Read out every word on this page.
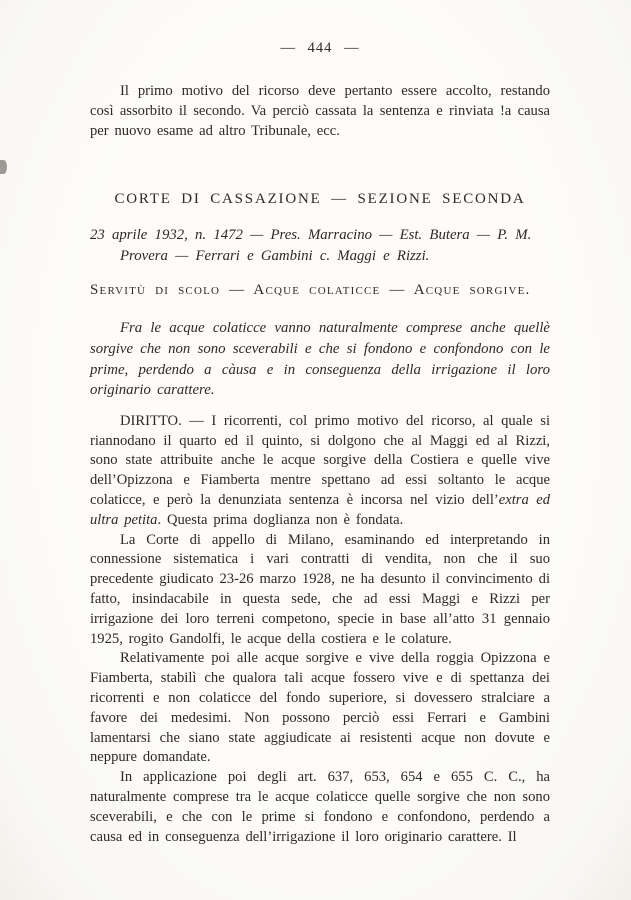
— 444 —

Il primo motivo del ricorso deve pertanto essere accolto, restando così assorbito il secondo. Va perciò cassata la sentenza e rinviata !a causa per nuovo esame ad altro Tribunale, ecc.

CORTE DI CASSAZIONE — SEZIONE SECONDA

23 aprile 1932, n. 1472 — Pres. Marracino — Est. Butera — P. M. Provera — Ferrari e Gambini c. Maggi e Rizzi.

Servitù di scolo — Acque colaticce — Acque sorgive.

Fra le acque colaticce vanno naturalmente comprese anche quellè sorgive che non sono sceverabili e che si fondono e confondono con le prime, perdendo a càusa e in conseguenza della irrigazione il loro originario carattere.

DIRITTO. — I ricorrenti, col primo motivo del ricorso, al quale si riannodano il quarto ed il quinto, si dolgono che al Maggi ed al Rizzi, sono state attribuite anche le acque sorgive della Costiera e quelle vive dell’Opizzona e Fiamberta mentre spettano ad essi soltanto le acque colaticce, e però la denunziata sentenza è incorsa nel vizio dell’extra ed ultra petita. Questa prima doglianza non è fondata.

La Corte di appello di Milano, esaminando ed interpretando in connessione sistematica i vari contratti di vendita, non che il suo precedente giudicato 23-26 marzo 1928, ne ha desunto il convincimento di fatto, insindacabile in questa sede, che ad essi Maggi e Rizzi per irrigazione dei loro terreni competono, specie in base all’atto 31 gennaio 1925, rogito Gandolfi, le acque della costiera e le colature.

Relativamente poi alle acque sorgive e vive della roggia Opizzona e Fiamberta, stabilì che qualora tali acque fossero vive e di spettanza dei ricorrenti e non colaticce del fondo superiore, si dovessero stralciare a favore dei medesimi. Non possono perciò essi Ferrari e Gambini lamentarsi che siano state aggiudicate ai resistenti acque non dovute e neppure domandate.

In applicazione poi degli art. 637, 653, 654 e 655 C. C., ha naturalmente comprese tra le acque colaticce quelle sorgive che non sono sceverabili, e che con le prime si fondono e confondono, perdendo a causa ed in conseguenza dell’irrigazione il loro originario carattere. Il
